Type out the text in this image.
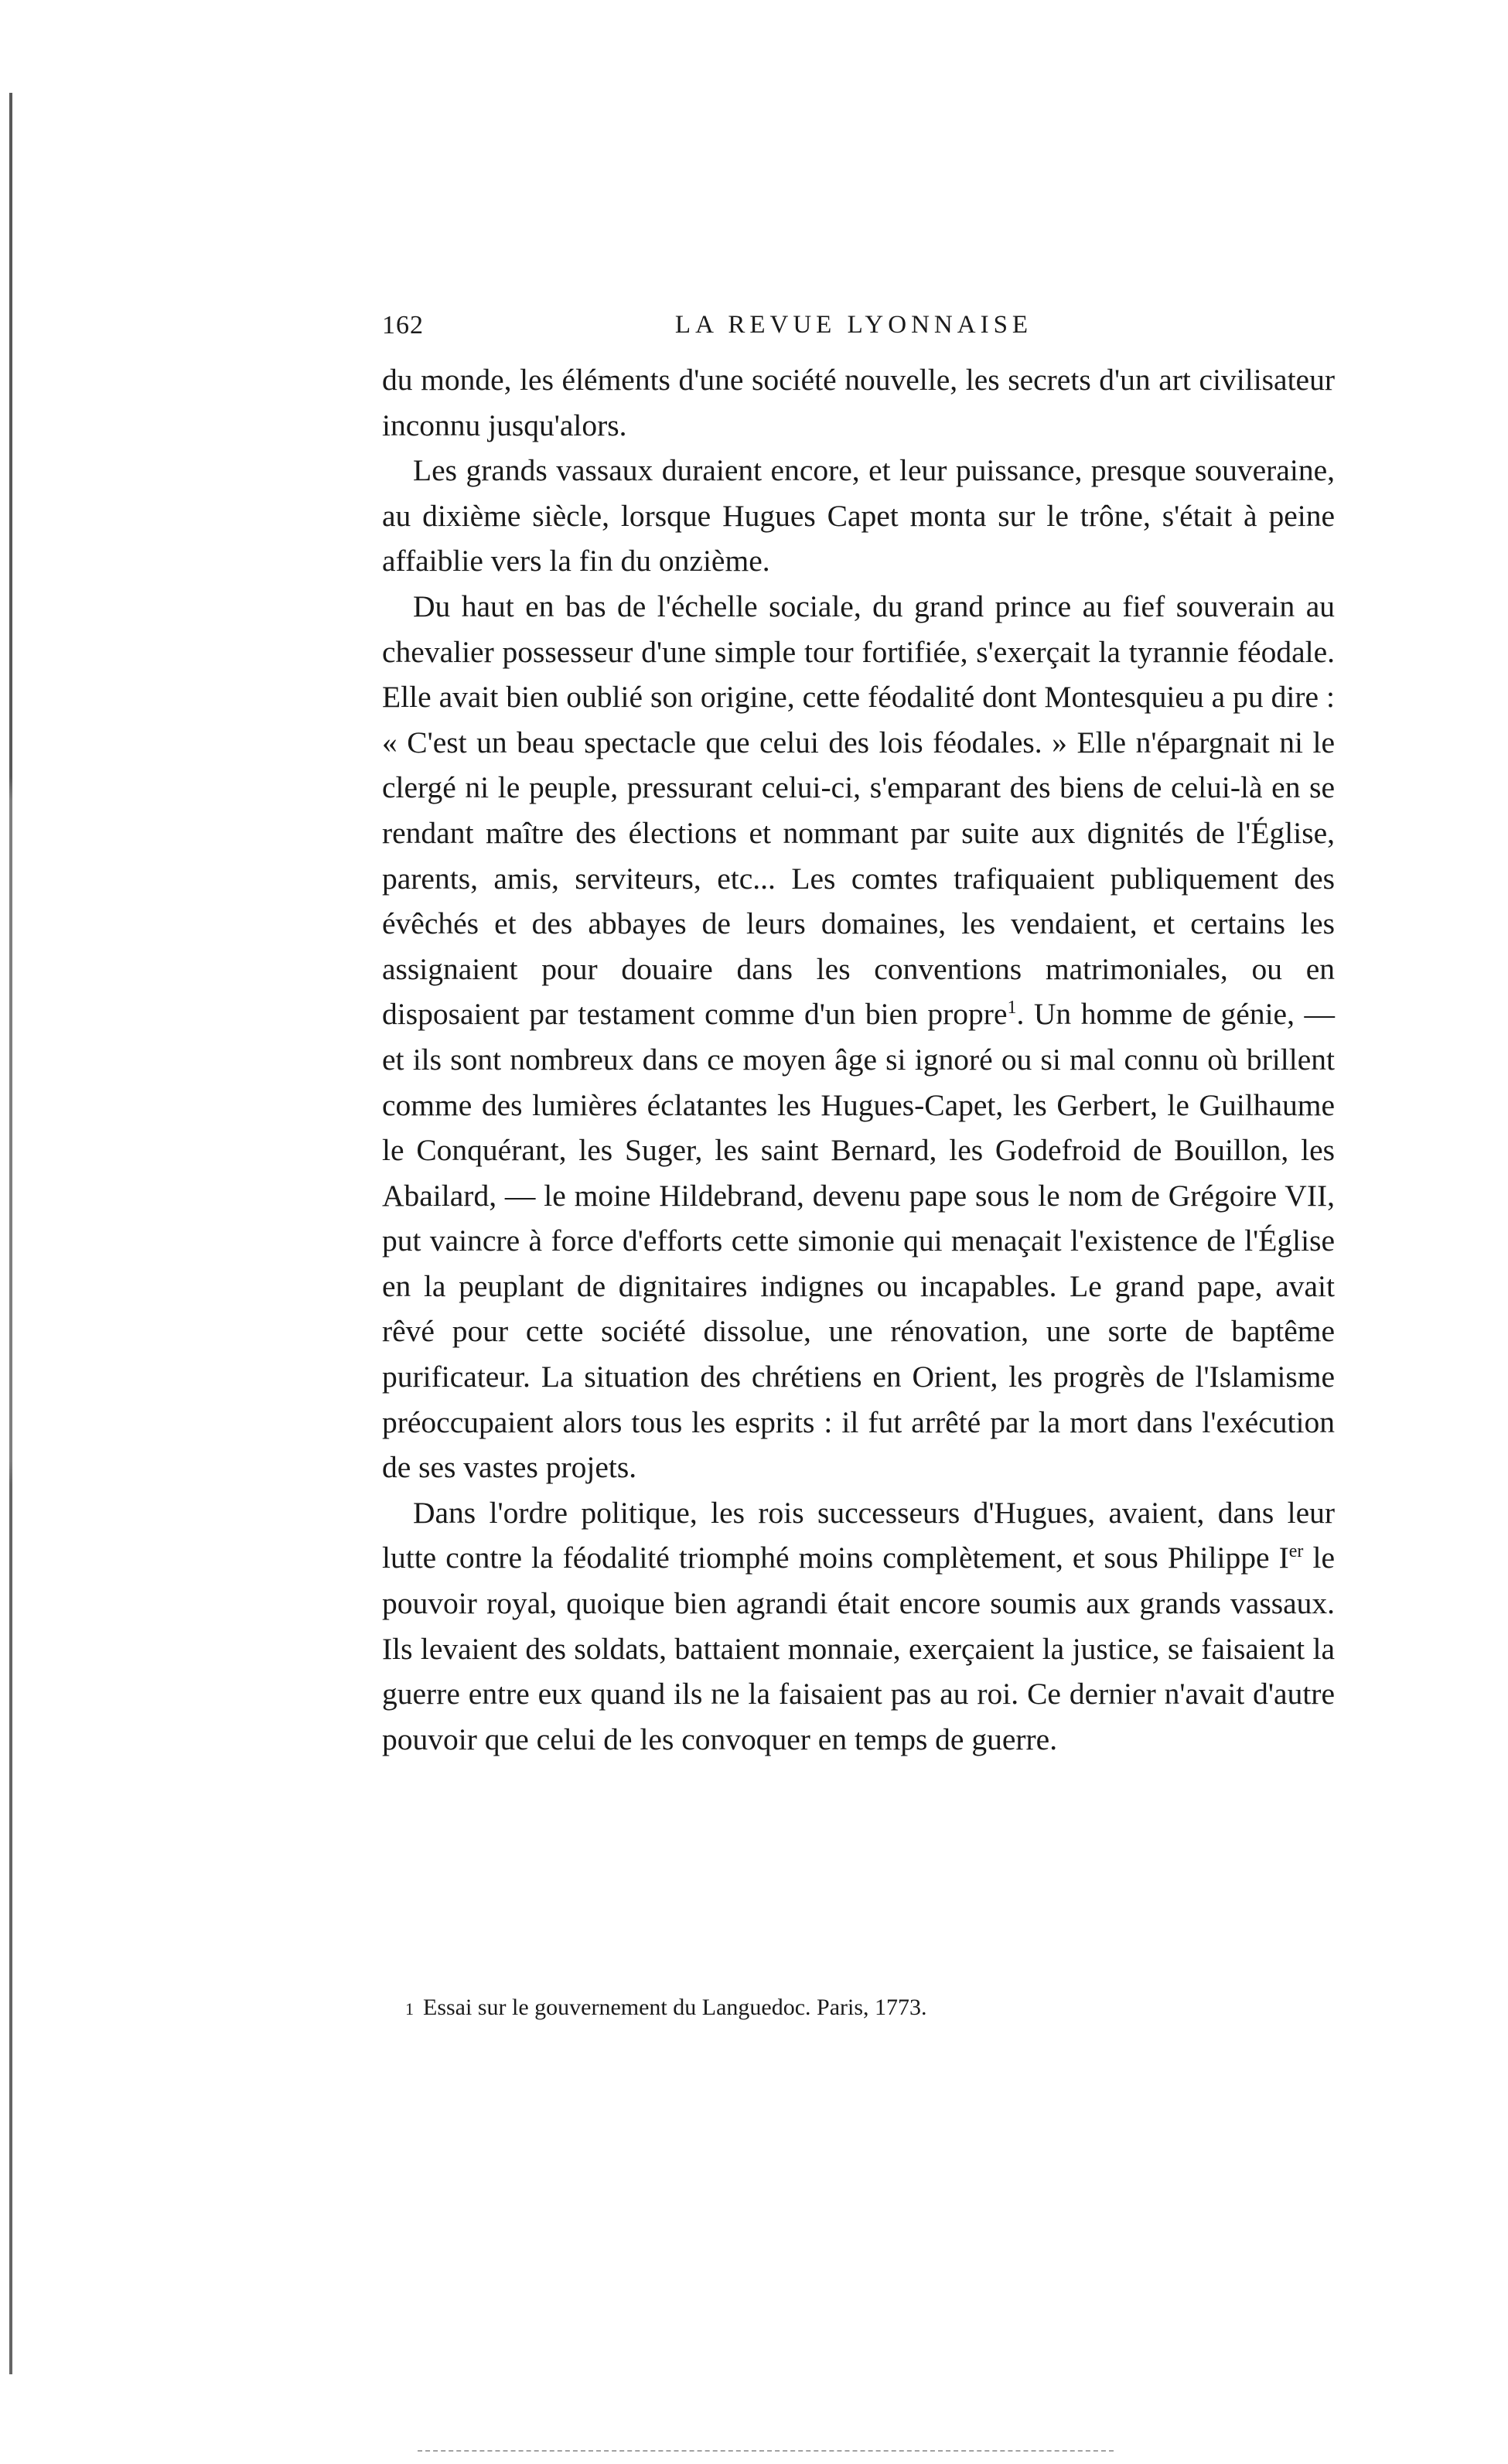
162	LA REVUE LYONNAISE

du monde, les éléments d'une société nouvelle, les secrets d'un art civilisateur inconnu jusqu'alors.

Les grands vassaux duraient encore, et leur puissance, presque souveraine, au dixième siècle, lorsque Hugues Capet monta sur le trône, s'était à peine affaiblie vers la fin du onzième.

Du haut en bas de l'échelle sociale, du grand prince au fief souverain au chevalier possesseur d'une simple tour fortifiée, s'exerçait la tyrannie féodale. Elle avait bien oublié son origine, cette féodalité dont Montesquieu a pu dire : « C'est un beau spectacle que celui des lois féodales. » Elle n'épargnait ni le clergé ni le peuple, pressurant celui-ci, s'emparant des biens de celui-là en se rendant maître des élections et nommant par suite aux dignités de l'Église, parents, amis, serviteurs, etc... Les comtes trafiquaient publiquement des évêchés et des abbayes de leurs domaines, les vendaient, et certains les assignaient pour douaire dans les conventions matrimoniales, ou en disposaient par testament comme d'un bien propre$^1$. Un homme de génie, — et ils sont nombreux dans ce moyen âge si ignoré ou si mal connu où brillent comme des lumières éclatantes les Hugues-Capet, les Gerbert, le Guilhaume le Conquérant, les Suger, les saint Bernard, les Godefroid de Bouillon, les Abailard, — le moine Hildebrand, devenu pape sous le nom de Grégoire VII, put vaincre à force d'efforts cette simonie qui menaçait l'existence de l'Église en la peuplant de dignitaires indignes ou incapables. Le grand pape, avait rêvé pour cette société dissolue, une rénovation, une sorte de baptême purificateur. La situation des chrétiens en Orient, les progrès de l'Islamisme préoccupaient alors tous les esprits : il fut arrêté par la mort dans l'exécution de ses vastes projets.

Dans l'ordre politique, les rois successeurs d'Hugues, avaient, dans leur lutte contre la féodalité triomphé moins complètement, et sous Philippe Ier le pouvoir royal, quoique bien agrandi était encore soumis aux grands vassaux. Ils levaient des soldats, battaient monnaie, exerçaient la justice, se faisaient la guerre entre eux quand ils ne la faisaient pas au roi. Ce dernier n'avait d'autre pouvoir que celui de les convoquer en temps de guerre.

1 Essai sur le gouvernement du Languedoc. Paris, 1773.
